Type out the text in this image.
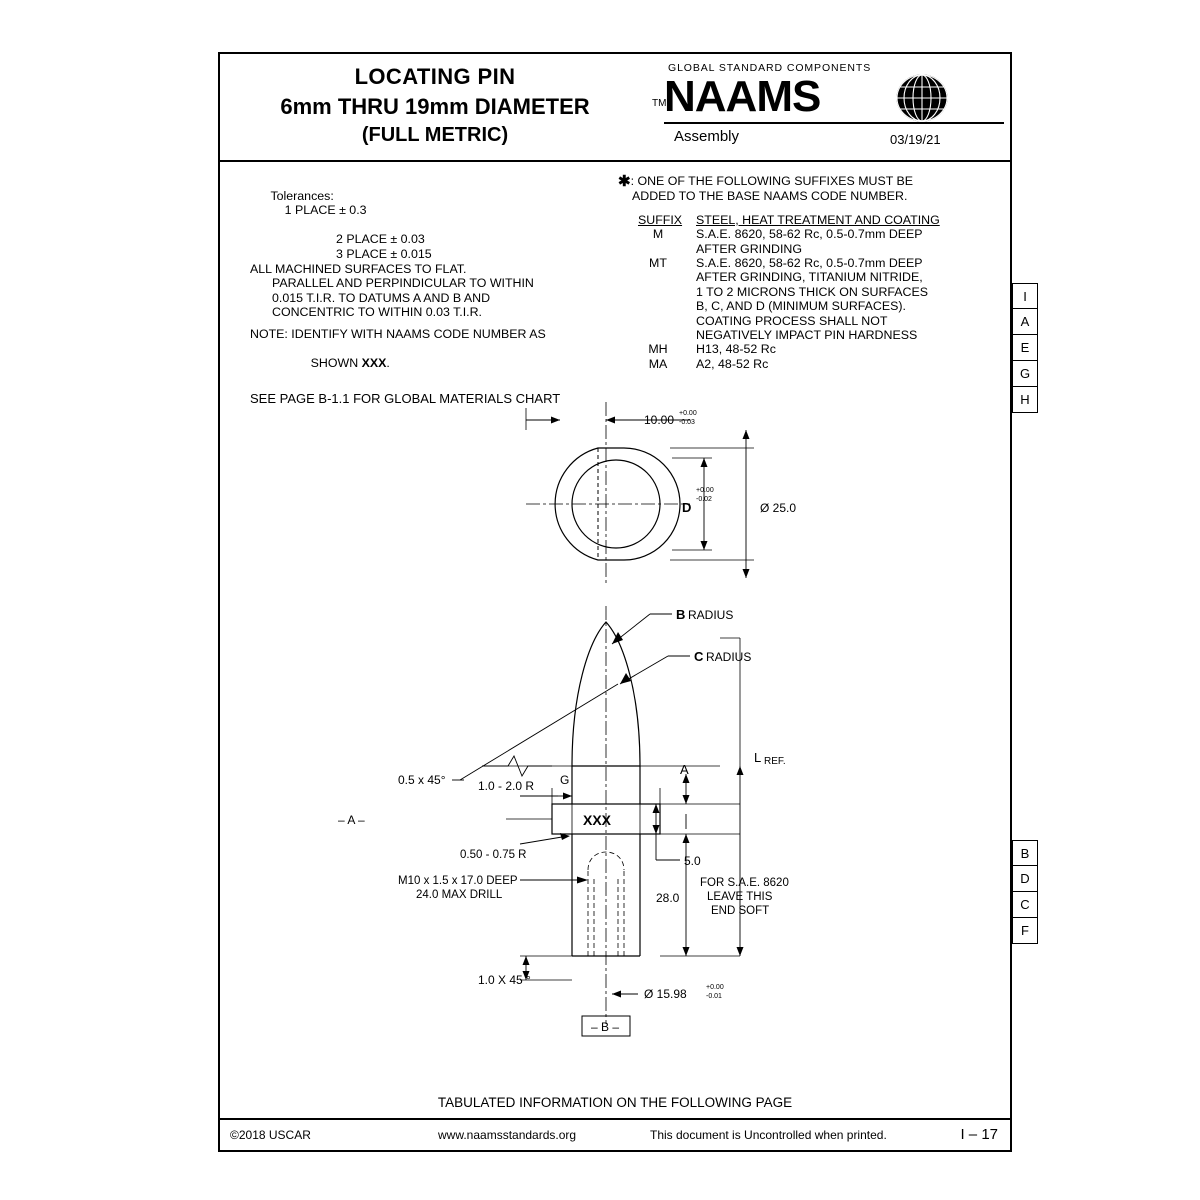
LOCATING PIN
6mm THRU 19mm DIAMETER
(FULL METRIC)
GLOBAL STANDARD COMPONENTS
TM
NAAMS
Assembly	03/19/21

Tolerances:
1 PLACE ± 0.3

2 PLACE ± 0.03
3 PLACE ± 0.015
ALL MACHINED SURFACES TO FLAT.
PARALLEL AND PERPINDICULAR TO WITHIN
0.015 T.I.R. TO DATUMS A AND B AND
CONCENTRIC TO WITHIN 0.03 T.I.R.
NOTE: IDENTIFY WITH NAAMS CODE NUMBER AS

SHOWN XXX.

SEE PAGE B-1.1 FOR GLOBAL MATERIALS CHART
✱: ONE OF THE FOLLOWING SUFFIXES MUST BE
ADDED TO THE BASE NAAMS CODE NUMBER.
SUFFIX	STEEL, HEAT TREATMENT AND COATING
M	S.A.E. 8620, 58-62 Rc, 0.5-0.7mm DEEP
AFTER GRINDING
MT	S.A.E. 8620, 58-62 Rc, 0.5-0.7mm DEEP
AFTER GRINDING, TITANIUM NITRIDE,
1 TO 2 MICRONS THICK ON SURFACES
B, C, AND D (MINIMUM SURFACES).
COATING PROCESS SHALL NOT
NEGATIVELY IMPACT PIN HARDNESS
MH	H13, 48-52 Rc
MA	A2, 48-52 Rc
10.00 +0.00
-0.03
D
+0.00
-0.02
Ø 25.0
B RADIUS
C RADIUS
0.5 x 45°	1.0 - 2.0 R G
A
L REF.
– A –	XXX
0.50 - 0.75 R	5.0
M10 x 1.5 x 17.0 DEEP
24.0 MAX DRILL	28.0
FOR S.A.E. 8620
LEAVE THIS
END SOFT
1.0 X 45 °
Ø 15.98	+0.00
-0.01
– B –
TABULATED INFORMATION ON THE FOLLOWING PAGE
©2018 USCAR	www.naamsstandards.org	This document is Uncontrolled when printed.	I – 17
I
A
E
G
H
B
D
C
F
